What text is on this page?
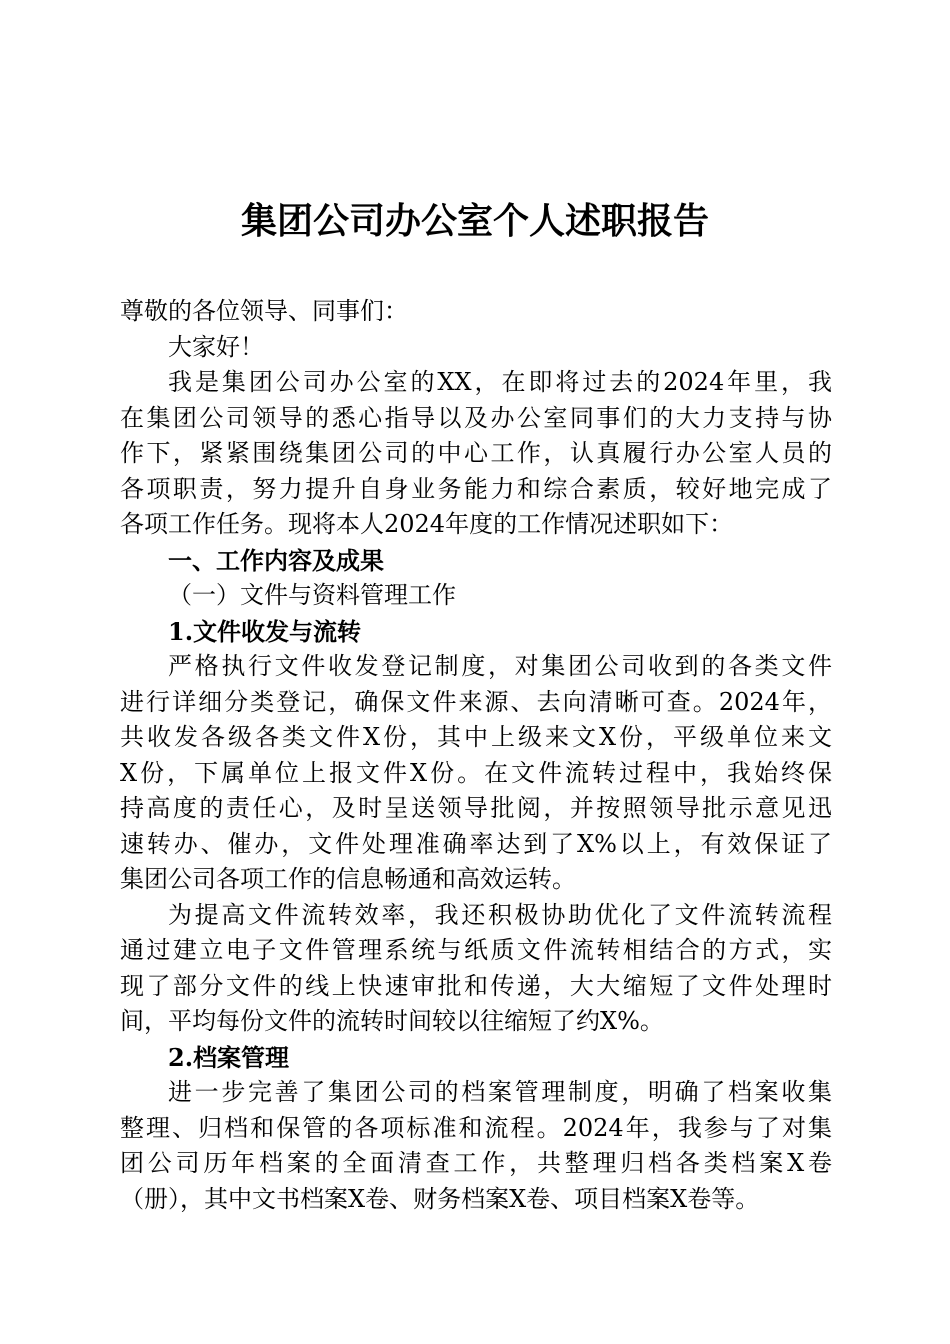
集团公司办公室个人述职报告
尊敬的各位领导、同事们：
大家好！
我是集团公司办公室的XX，在即将过去的2024年里，我
在集团公司领导的悉心指导以及办公室同事们的大力支持与协
作下，紧紧围绕集团公司的中心工作，认真履行办公室人员的
各项职责，努力提升自身业务能力和综合素质，较好地完成了
各项工作任务。现将本人2024年度的工作情况述职如下：
一、工作内容及成果
（一）文件与资料管理工作
1.文件收发与流转
严格执行文件收发登记制度，对集团公司收到的各类文件
进行详细分类登记，确保文件来源、去向清晰可查。2024年，
共收发各级各类文件X份，其中上级来文X份，平级单位来文
X份，下属单位上报文件X份。在文件流转过程中，我始终保
持高度的责任心，及时呈送领导批阅，并按照领导批示意见迅
速转办、催办，文件处理准确率达到了X%以上，有效保证了
集团公司各项工作的信息畅通和高效运转。
为提高文件流转效率，我还积极协助优化了文件流转流程
通过建立电子文件管理系统与纸质文件流转相结合的方式，实
现了部分文件的线上快速审批和传递，大大缩短了文件处理时
间，平均每份文件的流转时间较以往缩短了约X%。
2.档案管理
进一步完善了集团公司的档案管理制度，明确了档案收集
整理、归档和保管的各项标准和流程。2024年，我参与了对集
团公司历年档案的全面清查工作，共整理归档各类档案X卷
（册），其中文书档案X卷、财务档案X卷、项目档案X卷等。
